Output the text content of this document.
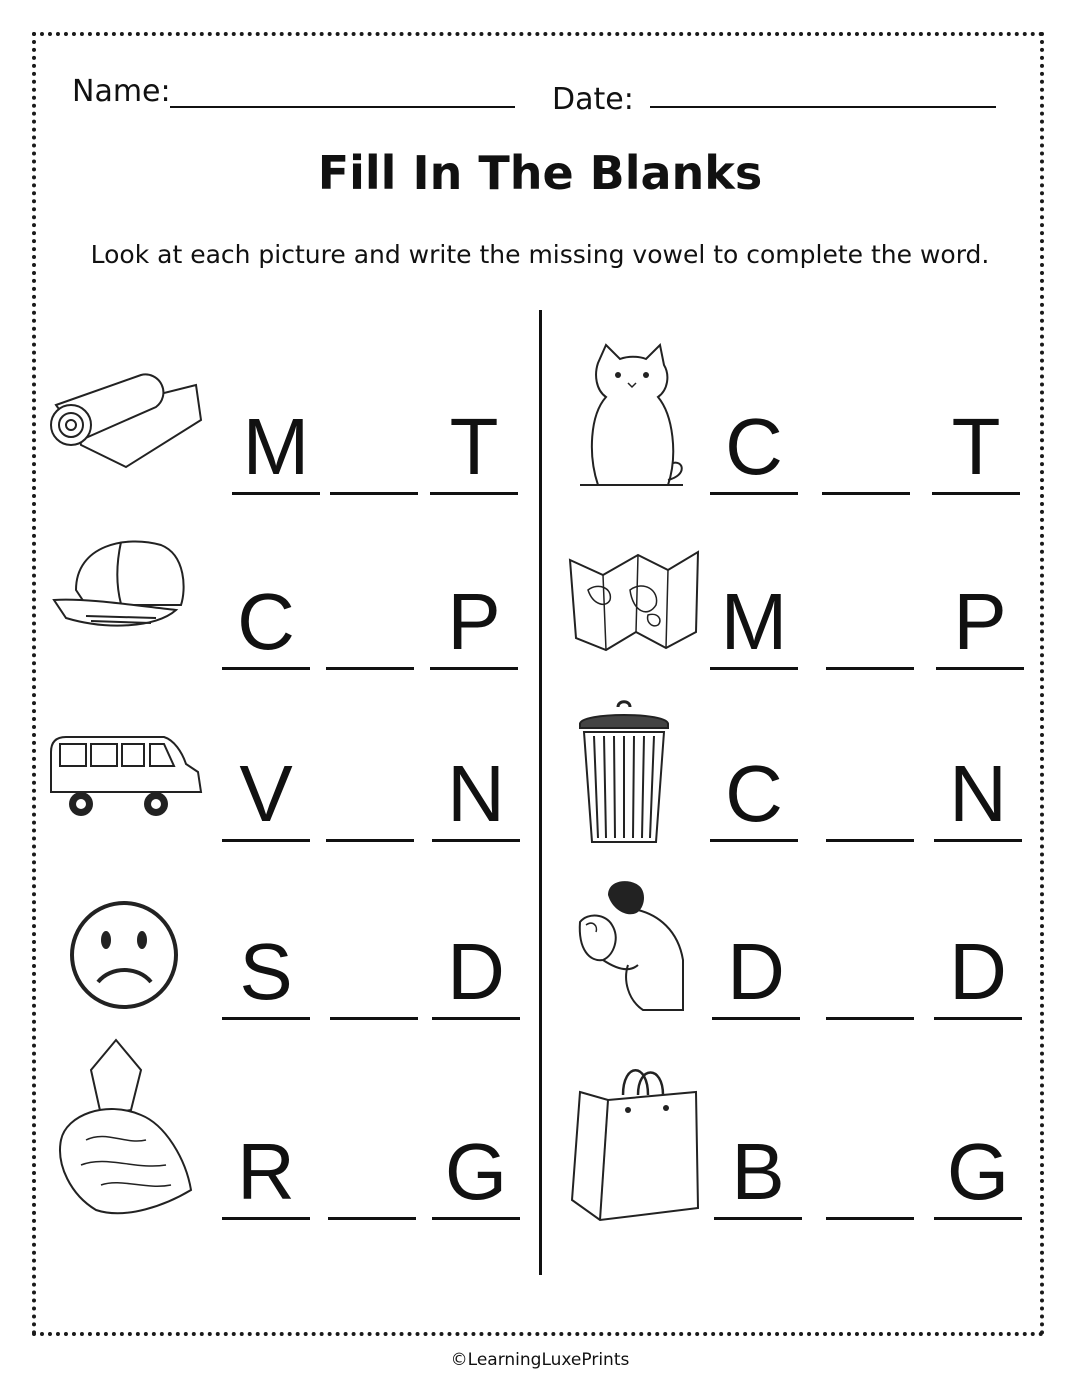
Name:	Date:
Fill In The Blanks
Look at each picture and write the missing vowel to complete the word.
M T
C P
V N
S D
R G
C T
M P
C N
D D
B G
©LearningLuxePrints
